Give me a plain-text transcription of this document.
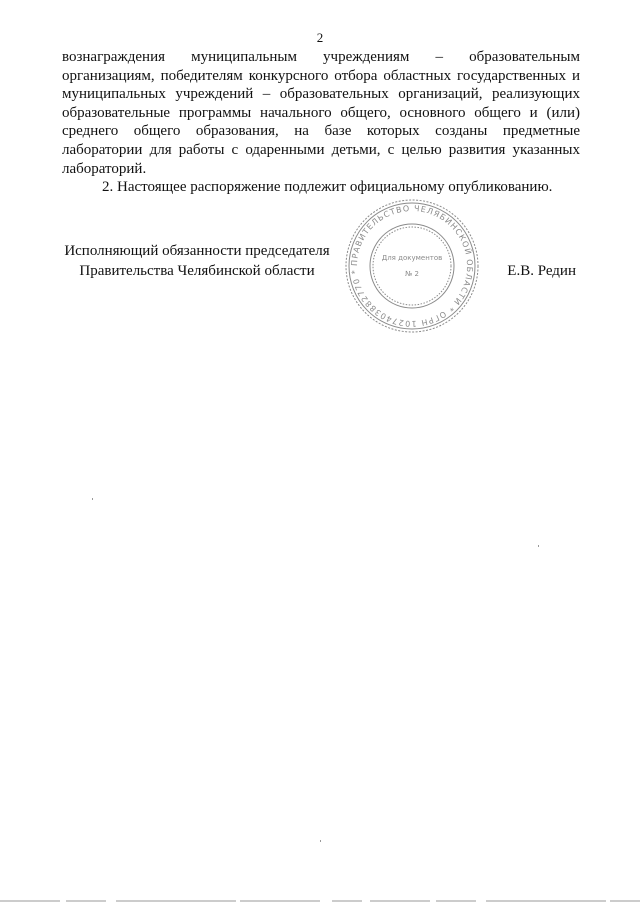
2

вознаграждения муниципальным учреждениям – образовательным организациям, победителям конкурсного отбора областных государственных и муниципальных учреждений – образовательных организаций, реализующих образовательные программы начального общего, основного общего и (или) среднего общего образования, на базе которых созданы предметные лаборатории для работы с одаренными детьми, с целью развития указанных лабораторий.

2. Настоящее распоряжение подлежит официальному опубликованию.

Исполняющий обязанности председателя
Правительства Челябинской области	Е.В. Редин
ПРАВИТЕЛЬСТВО ЧЕЛЯБИНСКОЙ ОБЛАСТИ * ОГРН 1027403882770 *
Для документов
№ 2
